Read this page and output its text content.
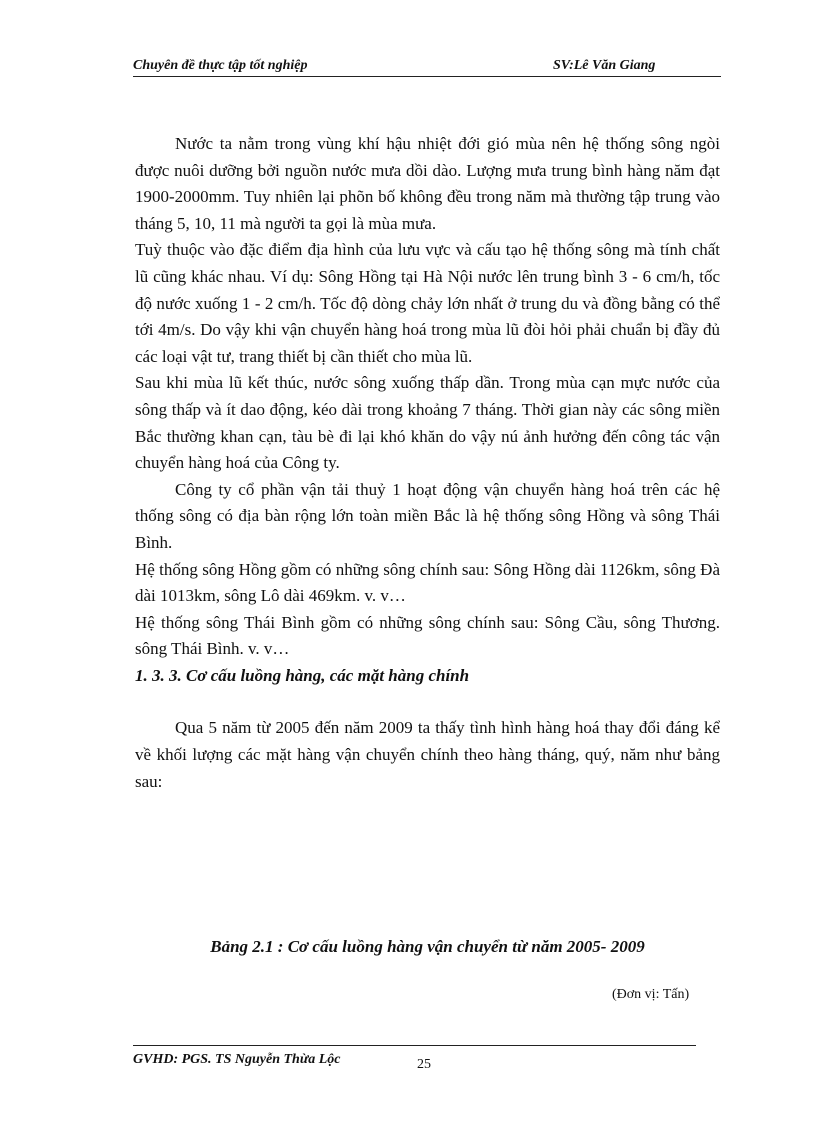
Chuyên đề thực tập tốt nghiệp	SV:Lê Văn Giang

Nước ta nằm trong vùng khí hậu nhiệt đới gió mùa nên hệ thống sông ngòi được nuôi dưỡng bởi nguồn nước mưa dồi dào. Lượng mưa trung bình hàng năm đạt 1900-2000mm. Tuy nhiên lại phõn bố không đều trong năm mà thường tập trung vào tháng 5, 10, 11 mà người ta gọi là mùa mưa.

Tuỳ thuộc vào đặc điểm địa hình của lưu vực và cấu tạo hệ thống sông mà tính chất lũ cũng khác nhau. Ví dụ: Sông Hồng tại Hà Nội nước lên trung bình 3 - 6 cm/h, tốc độ nước xuống 1 - 2 cm/h. Tốc độ dòng chảy lớn nhất ở trung du và đồng bằng có thể tới 4m/s. Do vậy khi vận chuyển hàng hoá trong mùa lũ đòi hỏi phải chuẩn bị đầy đủ các loại vật tư, trang thiết bị cần thiết cho mùa lũ.

Sau khi mùa lũ kết thúc, nước sông xuống thấp dần. Trong mùa cạn mực nước của sông thấp và ít dao động, kéo dài trong khoảng 7 tháng. Thời gian này các sông miền Bắc thường khan cạn, tàu bè đi lại khó khăn do vậy nú ảnh hưởng đến công tác vận chuyển hàng hoá của Công ty.

Công ty cổ phần vận tải thuỷ 1 hoạt động vận chuyển hàng hoá trên các hệ thống sông có địa bàn rộng lớn toàn miền Bắc là hệ thống sông Hồng và sông Thái Bình.

Hệ thống sông Hồng gồm có những sông chính sau: Sông Hồng dài 1126km, sông Đà dài 1013km, sông Lô dài 469km. v. v…

Hệ thống sông Thái Bình gồm có những sông chính sau: Sông Cầu, sông Thương. sông Thái Bình. v. v…

1. 3. 3. Cơ cấu luồng hàng, các mặt hàng chính

Qua 5 năm từ 2005 đến năm 2009 ta thấy tình hình hàng hoá thay đổi đáng kể về khối lượng các mặt hàng vận chuyển chính theo hàng tháng, quý, năm như bảng sau:

Bảng 2.1 : Cơ cấu luồng hàng vận chuyển từ năm 2005- 2009
(Đơn vị: Tấn)
GVHD: PGS. TS Nguyễn Thừa Lộc	25
